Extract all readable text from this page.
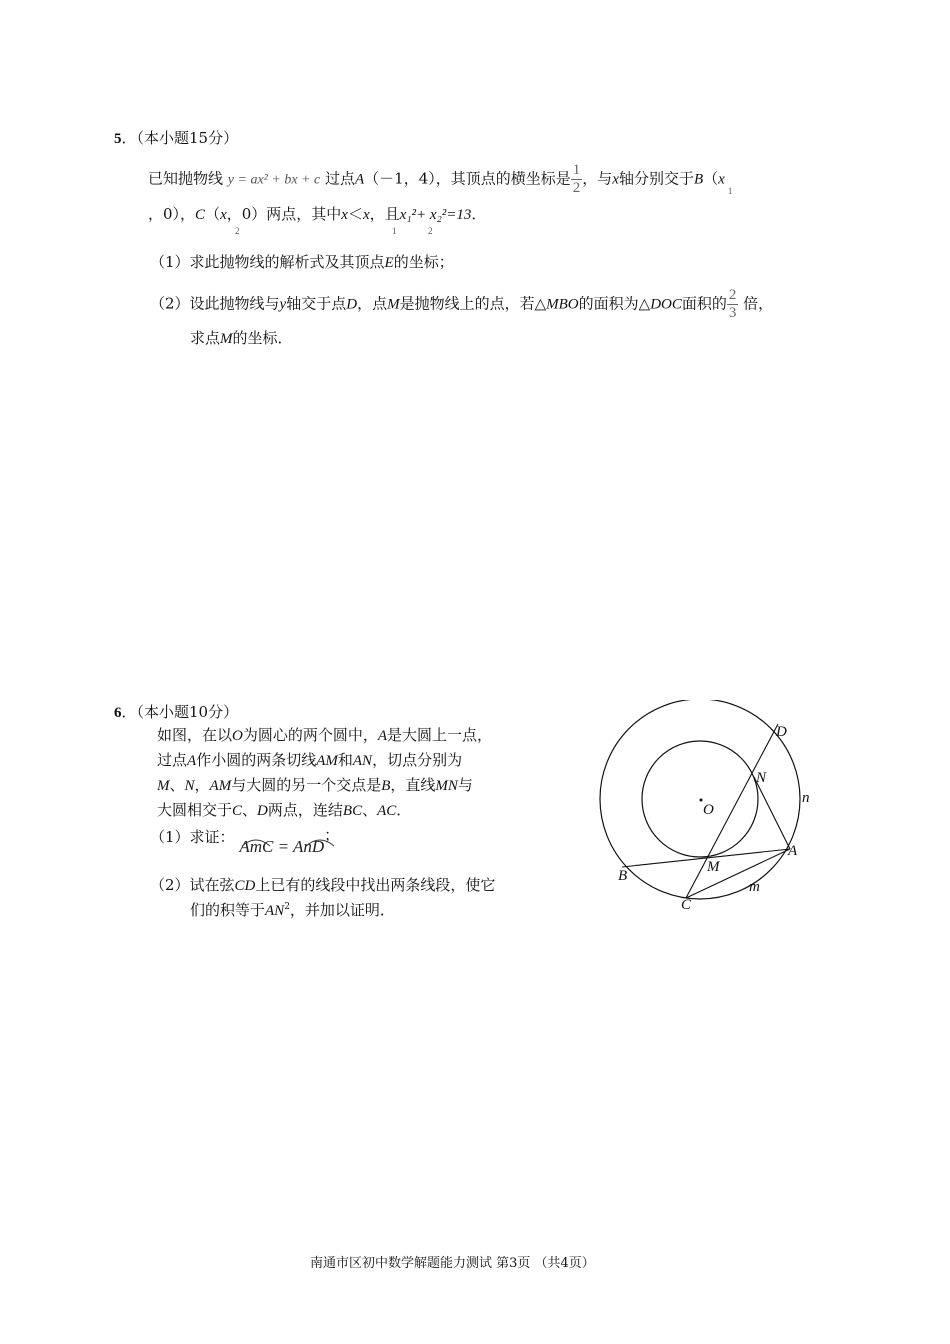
5．（本小题15分）
已知抛物线 y = ax² + bx + c 过点A（－1，4），其顶点的横坐标是 $\frac{1}{2}$ ，与x轴分别交于$B(x_1$
，0），C（x，0）两点，其中x＜x，且x₁²+ x₂²=13．
2	1	2
（1）求此抛物线的解析式及其顶点E的坐标；
（2）设此抛物线与y轴交于点D，点M是抛物线上的点，若△MBO的面积为△DOC面积的 $\frac{2}{3}$ 倍，
求点M的坐标．
6．（本小题10分）
如图，在以O为圆心的两个圆中，A是大圆上一点，
过点A作小圆的两条切线AM和AN，切点分别为
M、N，AM与大圆的另一个交点是B，直线MN与
大圆相交于C、D两点，连结BC、AC．
（1）求证： AmC = AnD；
（2）试在弦CD上已有的线段中找出两条线段，使它
们的积等于$AN^2$，并加以证明．
D
N
n
O
A
M
B
m
C
南通市区初中数学解题能力测试 第3页 （共4页）
